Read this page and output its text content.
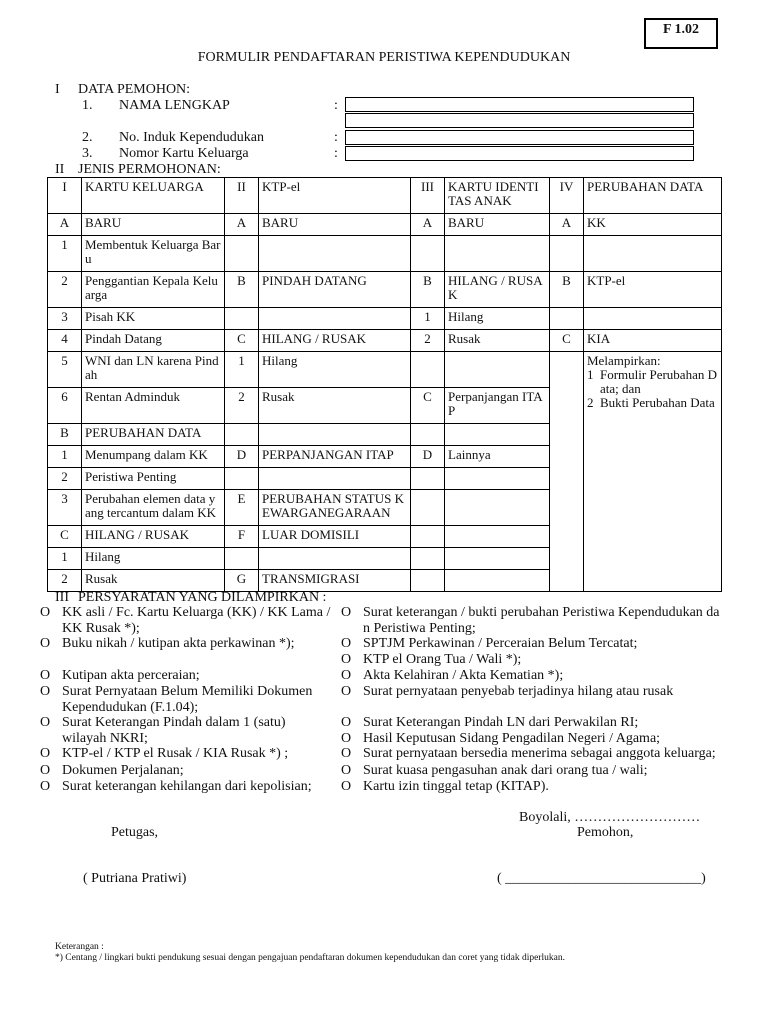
F 1.02
FORMULIR PENDAFTARAN PERISTIWA KEPENDUDUKAN
I DATA PEMOHON:
1. NAMA LENGKAP	:
2. No. Induk Kependudukan	:
3. Nomor Kartu Keluarga	:
II JENIS PERMOHONAN:
I	KARTU KELUARGA	II	KTP-el	III	KARTU IDENTITAS ANAK	IV	PERUBAHAN DATA
A	BARU	A	BARU	A	BARU	A	KK
1	Membentuk Keluarga Baru						
2	Penggantian Kepala Keluarga	B	PINDAH DATANG	B	HILANG / RUSAK	B	KTP-el
3	Pisah KK			1	Hilang		
4	Pindah Datang	C	HILANG / RUSAK	2	Rusak	C	KIA
5	WNI dan LN karena Pindah	1	Hilang				Melampirkan:
1 Formulir Perubahan Data; dan
2 Bukti Perubahan Data

6	Rentan Adminduk	2	Rusak	C	Perpanjangan ITAP		
B	PERUBAHAN DATA						
1	Menumpang dalam KK	D	PERPANJANGAN ITAP	D	Lainnya		
2	Peristiwa Penting						
3	Perubahan elemen data yang tercantum dalam KK	E	PERUBAHAN STATUS KEWARGANEGARAAN				
C	HILANG / RUSAK	F	LUAR DOMISILI				
1	Hilang						
2	Rusak	G	TRANSMIGRASI				
III PERSYARATAN YANG DILAMPIRKAN :
O KK asli / Fc. Kartu Keluarga (KK) / KK Lama / KK Rusak *);
O Buku nikah / kutipan akta perkawinan *);
O Kutipan akta perceraian;
O Surat Pernyataan Belum Memiliki Dokumen Kependudukan (F.1.04);
O Surat Keterangan Pindah dalam 1 (satu) wilayah NKRI;
O KTP-el / KTP el Rusak / KIA Rusak *) ;
O Dokumen Perjalanan;
O Surat keterangan kehilangan dari kepolisian;
O Surat keterangan / bukti perubahan Peristiwa Kependudukan dan Peristiwa Penting;
O SPTJM Perkawinan / Perceraian Belum Tercatat;
O KTP el Orang Tua / Wali *);
O Akta Kelahiran / Akta Kematian *);
O Surat pernyataan penyebab terjadinya hilang atau rusak
O Surat Keterangan Pindah LN dari Perwakilan RI;
O Hasil Keputusan Sidang Pengadilan Negeri / Agama;
O Surat pernyataan bersedia menerima sebagai anggota keluarga;
O Surat kuasa pengasuhan anak dari orang tua / wali;
O Kartu izin tinggal tetap (KITAP).
Boyolali, ………………………
Petugas,	Pemohon,
( Putriana Pratiwi)	( ____________________________)
Keterangan :
*) Centang / lingkari bukti pendukung sesuai dengan pengajuan pendaftaran dokumen kependudukan dan coret yang tidak diperlukan.
